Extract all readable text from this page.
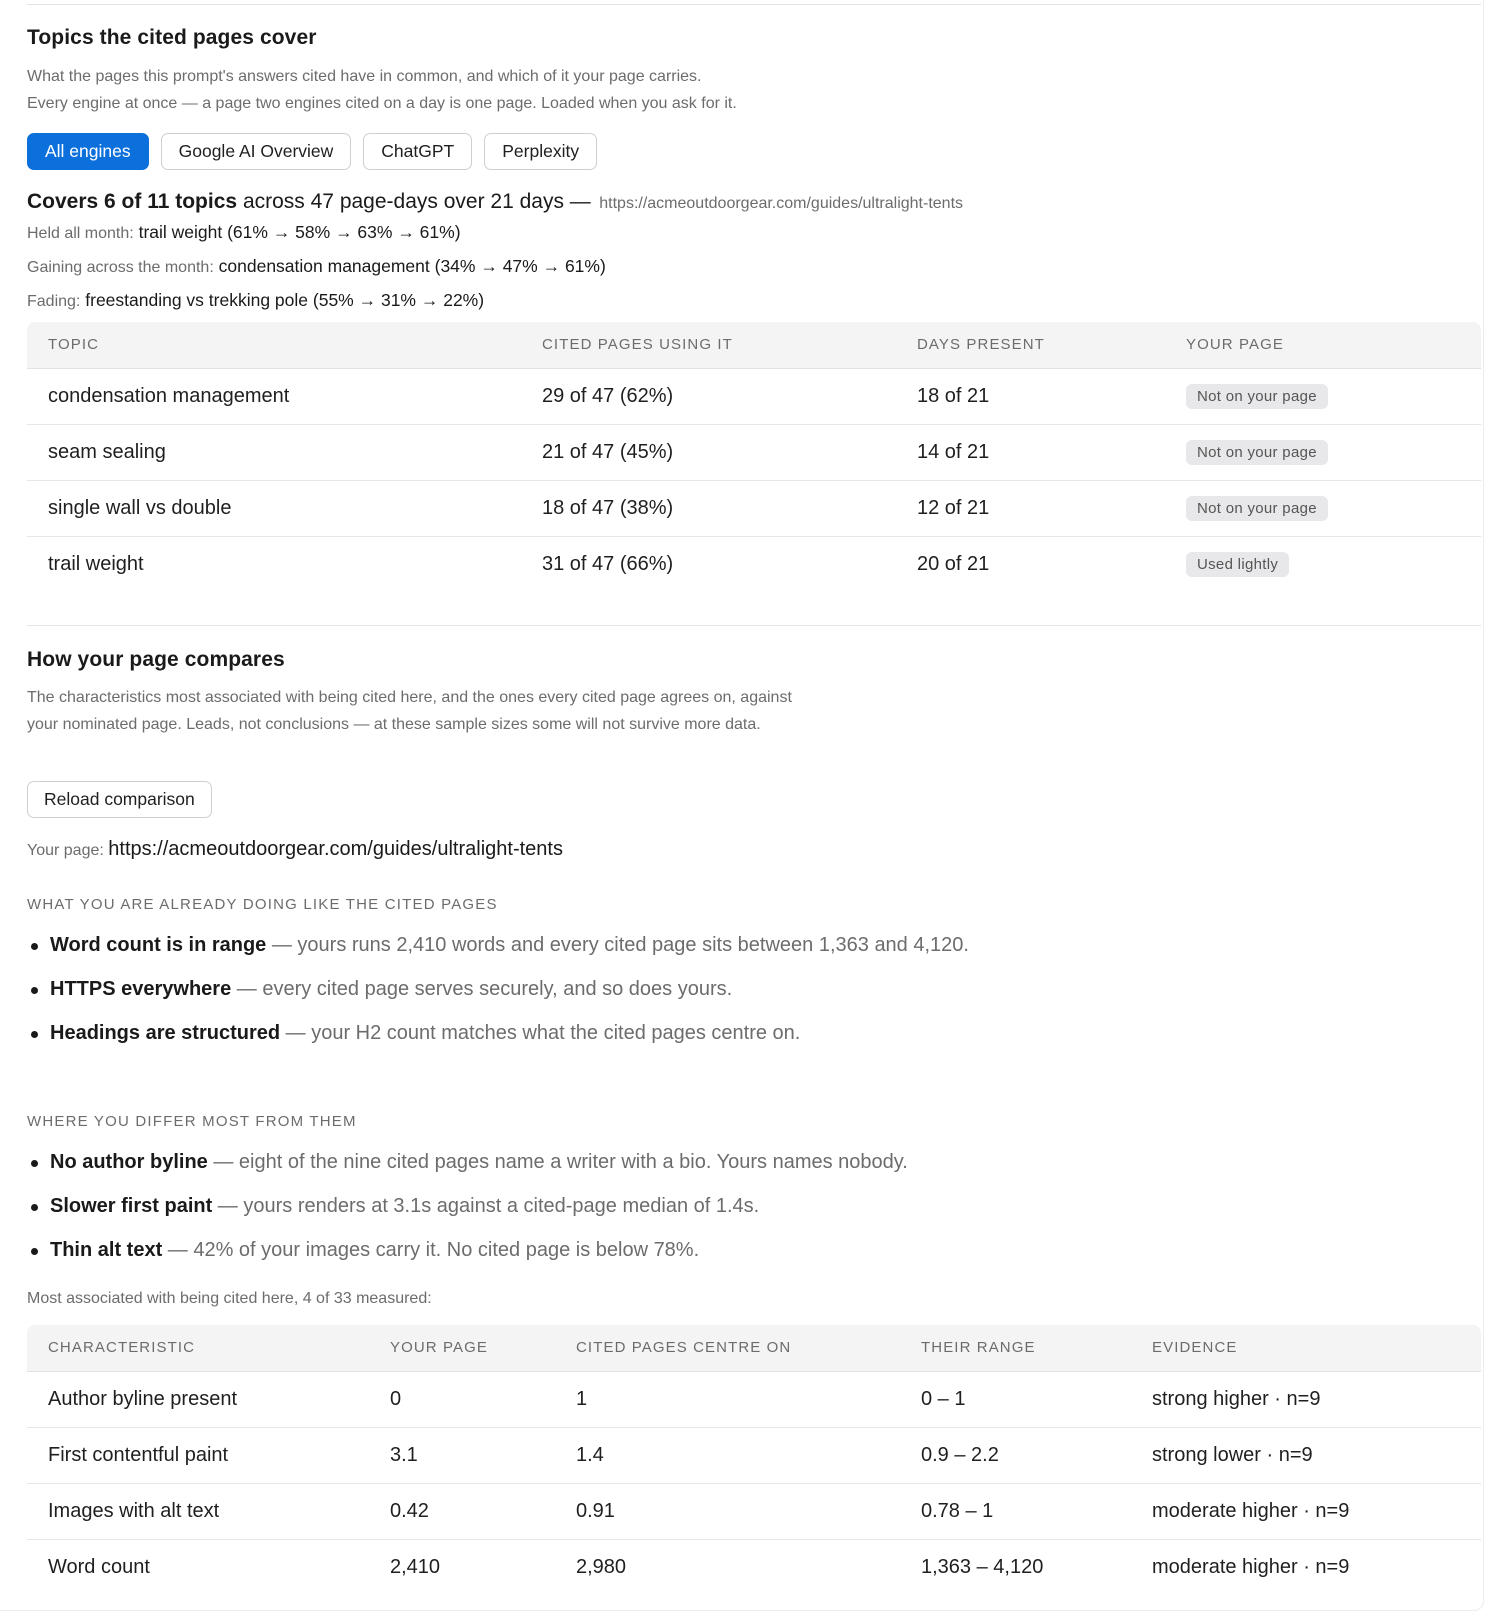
Topics the cited pages cover
What the pages this prompt's answers cited have in common, and which of it your page carries.
Every engine at once — a page two engines cited on a day is one page. Loaded when you ask for it.
All engines	Google AI Overview	ChatGPT	Perplexity
Covers 6 of 11 topics across 47 page-days over 21 days — https://acmeoutdoorgear.com/guides/ultralight-tents
Held all month: trail weight (61% → 58% → 63% → 61%)
Gaining across the month: condensation management (34% → 47% → 61%)
Fading: freestanding vs trekking pole (55% → 31% → 22%)
TOPIC	CITED PAGES USING IT	DAYS PRESENT	YOUR PAGE
condensation management	29 of 47 (62%)	18 of 21	Not on your page
seam sealing	21 of 47 (45%)	14 of 21	Not on your page
single wall vs double	18 of 47 (38%)	12 of 21	Not on your page
trail weight	31 of 47 (66%)	20 of 21	Used lightly
How your page compares
The characteristics most associated with being cited here, and the ones every cited page agrees on, against your nominated page. Leads, not conclusions — at these sample sizes some will not survive more data.
Reload comparison
Your page: https://acmeoutdoorgear.com/guides/ultralight-tents
WHAT YOU ARE ALREADY DOING LIKE THE CITED PAGES
Word count is in range — yours runs 2,410 words and every cited page sits between 1,363 and 4,120.
HTTPS everywhere — every cited page serves securely, and so does yours.
Headings are structured — your H2 count matches what the cited pages centre on.
WHERE YOU DIFFER MOST FROM THEM
No author byline — eight of the nine cited pages name a writer with a bio. Yours names nobody.
Slower first paint — yours renders at 3.1s against a cited-page median of 1.4s.
Thin alt text — 42% of your images carry it. No cited page is below 78%.
Most associated with being cited here, 4 of 33 measured:
CHARACTERISTIC	YOUR PAGE	CITED PAGES CENTRE ON	THEIR RANGE	EVIDENCE
Author byline present	0	1	0 – 1	strong higher · n=9
First contentful paint	3.1	1.4	0.9 – 2.2	strong lower · n=9
Images with alt text	0.42	0.91	0.78 – 1	moderate higher · n=9
Word count	2,410	2,980	1,363 – 4,120	moderate higher · n=9
